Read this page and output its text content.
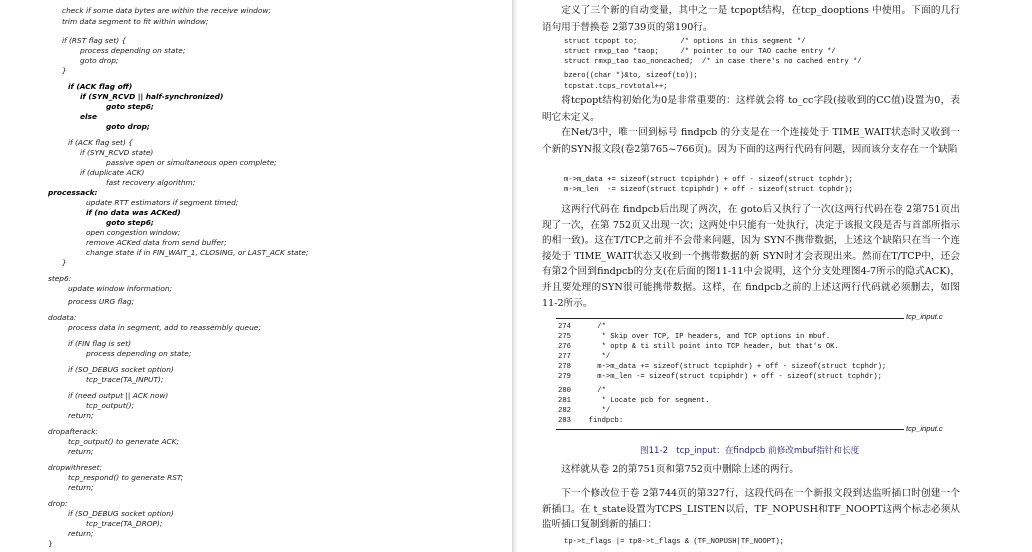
check if some data bytes are within the receive window;
trim data segment to fit within window;
if (RST flag set) {
process depending on state;
goto drop;
}
if (ACK flag off)
if (SYN_RCVD || half-synchronized)
goto step6;
else
goto drop;
if (ACK flag set) {
if (SYN_RCVD state)
passive open or simultaneous open complete;
if (duplicate ACK)
fast recovery algorithm;
processack:
update RTT estimators if segment timed;
if (no data was ACKed)
goto step6;
open congestion window;
remove ACKed data from send buffer;
change state if in FIN_WAIT_1, CLOSING, or LAST_ACK state;
}
step6:
update window information;
process URG flag;
dodata:
process data in segment, add to reassembly queue;
if (FIN flag is set)
process depending on state;
if (SO_DEBUG socket option)
tcp_trace(TA_INPUT);
if (need output || ACK now)
tcp_output();
return;
dropafterack:
tcp_output() to generate ACK;
return;
dropwithreset:
tcp_respond() to generate RST;
return;
drop:
if (SO_DEBUG socket option)
tcp_trace(TA_DROP);
return;
}
定义了三个新的自动变量，其中之一是 tcpopt结构，在tcp_dooptions 中使用。下面的几行语句用于替换卷 2第739页的第190行。
struct tcpopt to;          /* options in this segment */
struct rmxp_tao *taop;     /* pointer to our TAO cache entry */
struct rmxp_tao tao_noncached;  /* in case there's no cached entry */
bzero((char *)&to, sizeof(to));
tcpstat.tcps_rcvtotal++;
将tcpopt结构初始化为0是非常重要的：这样就会将 to_cc字段(接收到的CC值)设置为0，表明它未定义。
在Net/3中，唯一回到标号 findpcb 的分支是在一个连接处于 TIME_WAIT状态时又收到一个新的SYN报文段(卷2第765~766页)。因为下面的这两行代码有问题，因而该分支存在一个缺陷
m->m_data += sizeof(struct tcpiphdr) + off - sizeof(struct tcphdr);
m->m_len  -= sizeof(struct tcpiphdr) + off - sizeof(struct tcphdr);
这两行代码在 findpcb后出现了两次，在 goto后又执行了一次(这两行代码在卷 2第751页出现了一次，在第 752页又出现一次；这两处中只能有一处执行，决定于该报文段是否与首部所指示的相一致)。这在T/TCP之前并不会带来问题，因为 SYN不携带数据，上述这个缺陷只在当一个连接处于 TIME_WAIT状态又收到一个携带数据的新 SYN时才会表现出来。然而在T/TCP中，还会有第2个回到findpcb的分支(在后面的图11-11中会说明，这个分支处理图4-7所示的隐式ACK)，并且要处理的SYN很可能携带数据。这样，在 findpcb之前的上述这两行代码就必须删去，如图11-2所示。
tcp_input.c
274 /*
275 * Skip over TCP, IP headers, and TCP options in mbuf.
276 * optp & ti still point into TCP header, but that's OK.
277 */
278 m->m_data += sizeof(struct tcpiphdr) + off - sizeof(struct tcphdr);
279 m->m_len -= sizeof(struct tcpiphdr) + off - sizeof(struct tcphdr);
280 /*
281 * Locate pcb for segment.
282 */
283 findpcb:
tcp_input.c
图11-2   tcp_input：在findpcb 前修改mbuf指针和长度
这样就从卷 2的第751页和第752页中删除上述的两行。
下一个修改位于卷 2第744页的第327行，这段代码在一个新报文段到达监听插口时创建一个新插口。在 t_state设置为TCPS_LISTEN以后，TF_NOPUSH和TF_NOOPT这两个标志必须从监听插口复制到新的插口：
tp->t_flags |= tp0->t_flags & (TF_NOPUSH|TF_NOOPT);
